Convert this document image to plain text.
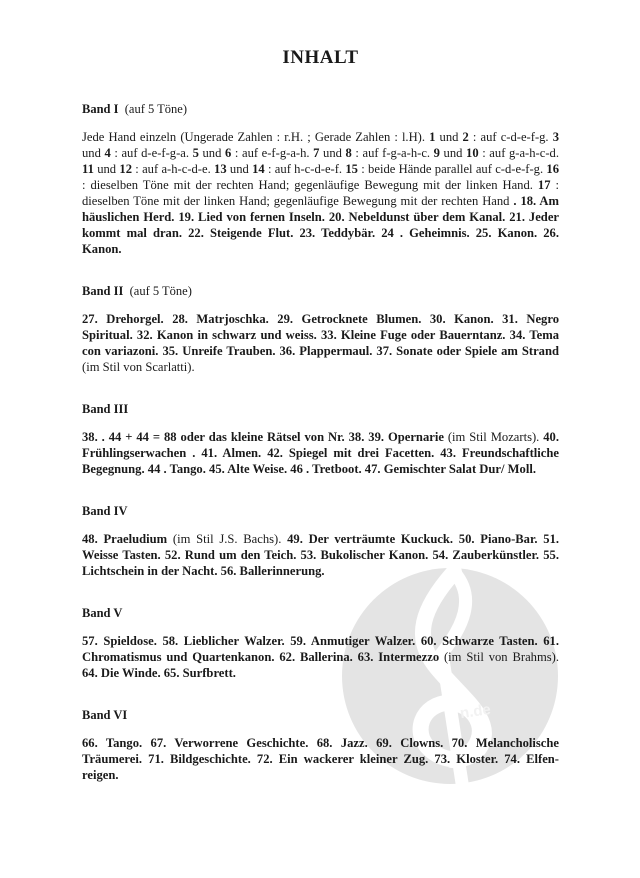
n.de
INHALT
Band I (auf 5 Töne)

Jede Hand einzeln (Ungerade Zahlen : r.H. ; Gerade Zahlen : l.H). 1 und 2 : auf c-d-e-f-g. 3 und 4 : auf d-e-f-g-a. 5 und 6 : auf e-f-g-a-h. 7 und 8 : auf f-g-a-h-c. 9 und 10 : auf g-a-h-c-d. 11 und 12 : auf a-h-c-d-e. 13 und 14 : auf h-c-d-e-f. 15 : beide Hände parallel auf c-d-e-f-g. 16 : dieselben Töne mit der rechten Hand; gegenläufige Bewegung mit der linken Hand. 17 : dieselben Töne mit der linken Hand; gegenläufige Bewegung mit der rechten Hand . 18. Am häuslichen Herd. 19. Lied von fernen Inseln. 20. Nebeldunst über dem Kanal. 21. Jeder kommt mal dran. 22. Steigende Flut. 23. Teddybär. 24 . Geheimnis. 25. Kanon. 26. Kanon.

Band II (auf 5 Töne)

27. Drehorgel. 28. Matrjoschka. 29. Getrocknete Blumen. 30. Kanon. 31. Negro Spiritual. 32. Kanon in schwarz und weiss. 33. Kleine Fuge oder Bauerntanz. 34. Tema con variazoni. 35. Unreife Trauben. 36. Plappermaul. 37. Sonate oder Spiele am Strand (im Stil von Scarlatti).

Band III

38. . 44 + 44 = 88 oder das kleine Rätsel von Nr. 38. 39. Opernarie (im Stil Mozarts). 40. Frühlingserwachen . 41. Almen. 42. Spiegel mit drei Facetten. 43. Freundschaftliche Begegnung. 44 . Tango. 45. Alte Weise. 46 . Tretboot. 47. Gemischter Salat Dur/ Moll.

Band IV

48. Praeludium (im Stil J.S. Bachs). 49. Der verträumte Kuckuck. 50. Piano-Bar. 51. Weisse Tasten. 52. Rund um den Teich. 53. Bukolischer Kanon. 54. Zauberkünstler. 55. Lichtschein in der Nacht. 56. Ballerinnerung.

Band V

57. Spieldose. 58. Lieblicher Walzer. 59. Anmutiger Walzer. 60. Schwarze Tasten. 61. Chromatismus und Quartenkanon. 62. Ballerina. 63. Intermezzo (im Stil von Brahms). 64. Die Winde. 65. Surfbrett.

Band VI

66. Tango. 67. Verworrene Geschichte. 68. Jazz. 69. Clowns. 70. Melancholische Träumerei. 71. Bildgeschichte. 72. Ein wackerer kleiner Zug. 73. Kloster. 74. Elfen-reigen.
